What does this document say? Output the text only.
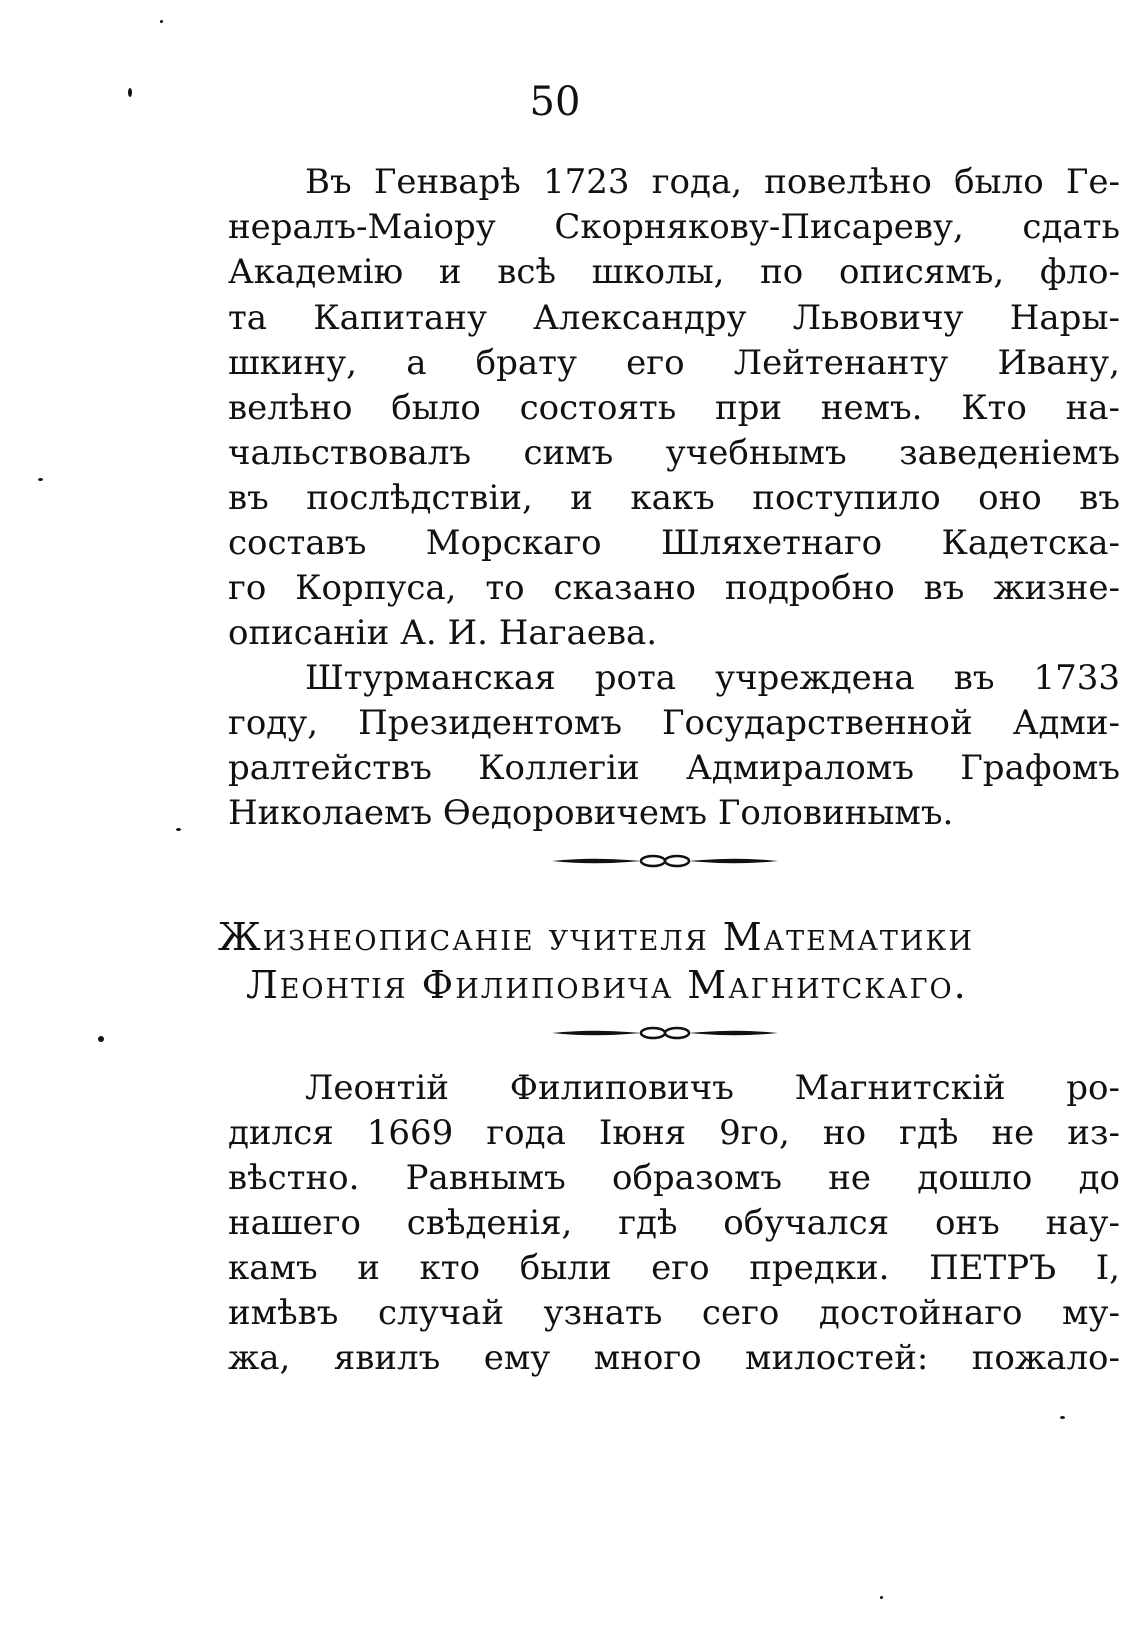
50
Въ Генварѣ 1723 года, повелѣно было Ге-
нералъ-Маіору Скорнякову-Писареву, сдать
Академію и всѣ школы, по описямъ, фло-
та Капитану Александру Львовичу Нары-
шкину, а брату его Лейтенанту Ивану,
велѣно было состоять при немъ. Кто на-
чальствовалъ симъ учебнымъ заведеніемъ
въ послѣдствіи, и какъ поступило оно въ
составъ Морскаго Шляхетнаго Кадетска-
го Корпуса, то сказано подробно въ жизне-
описаніи А. И. Нагаева.
Штурманская рота учреждена въ 1733
году, Президентомъ Государственной Адми-
ралтействъ Коллегіи Адмираломъ Графомъ
Николаемъ Ѳедоровичемъ Головинымъ.
Жизнеописаніе учителя Математики
Леонтія Филиповича Магнитскаго.
Леонтій Филиповичъ Магнитскій ро-
дился 1669 года Іюня 9го, но гдѣ не из-
вѣстно. Равнымъ образомъ не дошло до
нашего свѣденія, гдѣ обучался онъ нау-
камъ и кто были его предки. ПЕТРЪ I,
имѣвъ случай узнать сего достойнаго му-
жа, явилъ ему много милостей: пожало-
